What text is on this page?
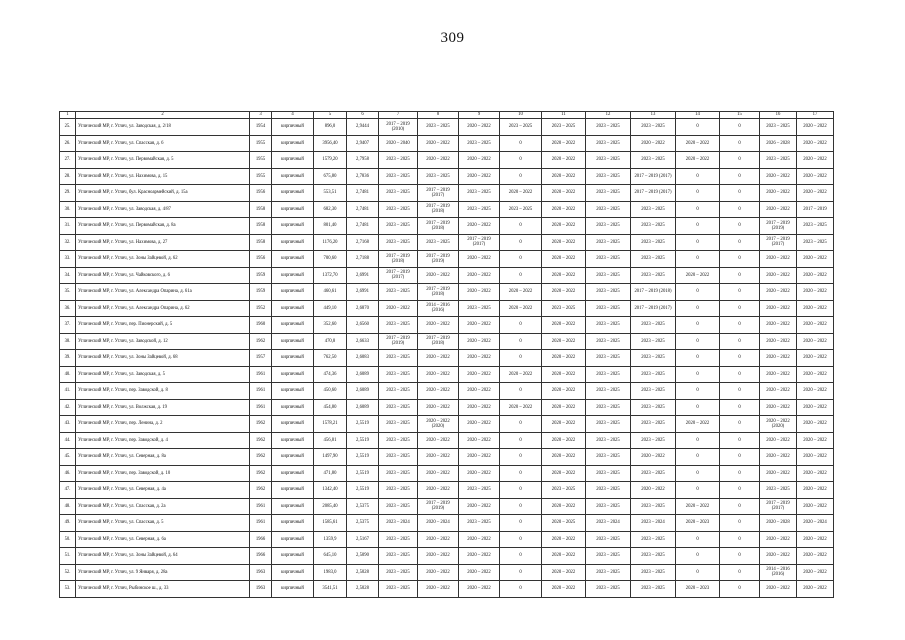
309
1	2	3	4	5	6	7	8	9	10	11	12	13	14	15	16	17
25.	Углический МР, г. Углич, ул. Заводская, д. 2/18	1954	кирпичный	896,0	2,9444	2017 – 2019 (2010)	2023 – 2025	2020 – 2022	2023 – 2025	2023 – 2025	2023 – 2025	2023 – 2025	0	0	2023 – 2025	2020 – 2022
26.	Углический МР, г. Углич, ул. Спасская, д. 6	1955	кирпичный	3956,40	2,9407	2020 – 2040	2020 – 2022	2023 – 2025	0	2020 – 2022	2023 – 2025	2020 – 2022	2020 – 2022	0	2026 – 2028	2020 – 2022
27.	Углический МР, г. Углич, ул. Первомайская, д. 5	1955	кирпичный	1579,20	2,7958	2023 – 2025	2020 – 2022	2020 – 2022	0	2020 – 2022	2023 – 2025	2023 – 2025	2020 – 2022	0	2023 – 2025	2020 – 2022
28.	Углический МР, г. Углич, ул. Нахимова, д. 15	1955	кирпичный	675,80	2,7836	2023 – 2025	2023 – 2025	2020 – 2022	0	2020 – 2022	2023 – 2025	2017 – 2019 (2017)	0	0	2020 – 2022	2020 – 2022
29.	Углический МР, г. Углич, бул. Красноармейский, д. 15а	1956	кирпичный	553,51	2,7481	2023 – 2025	2017 – 2019 (2017)	2023 – 2025	2020 – 2022	2020 – 2022	2023 – 2025	2017 – 2019 (2017)	0	0	2020 – 2022	2020 – 2022
30.	Углический МР, г. Углич, ул. Заводская, д. 4/87	1958	кирпичный	682,30	2,7481	2023 – 2025	2017 – 2019 (2018)	2023 – 2025	2023 – 2025	2020 – 2022	2023 – 2025	2023 – 2025	0	0	2020 – 2022	2017 – 2019
31.	Углический МР, г. Углич, ул. Первомайская, д. 8а	1958	кирпичный	801,40	2,7481	2023 – 2025	2017 – 2019 (2018)	2020 – 2022	0	2020 – 2022	2023 – 2025	2023 – 2025	0	0	2017 – 2019 (2019)	2023 – 2025
32.	Углический МР, г. Углич, ул. Нахимова, д. 27	1958	кирпичный	1176,20	2,7168	2023 – 2025	2023 – 2025	2017 – 2019 (2017)	0	2020 – 2022	2023 – 2025	2023 – 2025	0	0	2017 – 2019 (2017)	2023 – 2025
33.	Углический МР, г. Углич, ул. Зоны Зайцевой, д. 62	1956	кирпичный	700,60	2,7188	2017 – 2019 (2018)	2017 – 2019 (2019)	2020 – 2022	0	2020 – 2022	2023 – 2025	2023 – 2025	0	0	2020 – 2022	2020 – 2022
34.	Углический МР, г. Углич, ул. Чайковского, д. 6	1959	кирпичный	1372,70	2,6991	2017 – 2019 (2017)	2020 – 2022	2020 – 2022	0	2020 – 2022	2023 – 2025	2023 – 2025	2020 – 2022	0	2020 – 2022	2020 – 2022
35.	Углический МР, г. Углич, ул. Александра Опарина, д. 61а	1959	кирпичный	460,61	2,6991	2023 – 2025	2017 – 2019 (2018)	2020 – 2022	2020 – 2022	2020 – 2022	2023 – 2025	2017 – 2019 (2018)	0	0	2020 – 2022	2020 – 2022
36.	Углический МР, г. Углич, ул. Александра Опарина, д. 62	1952	кирпичный	449,10	2,6870	2020 – 2022	2014 – 2016 (2016)	2023 – 2025	2020 – 2022	2023 – 2025	2023 – 2025	2017 – 2019 (2017)	0	0	2020 – 2022	2020 – 2022
37.	Углический МР, г. Углич, пер. Пионерский, д. 5	1960	кирпичный	352,60	2,6560	2023 – 2025	2020 – 2022	2020 – 2022	0	2020 – 2022	2023 – 2025	2023 – 2025	0	0	2020 – 2022	2020 – 2022
38.	Углический МР, г. Углич, ул. Заводской, д. 12	1962	кирпичный	470,8	2,6633	2017 – 2019 (2019)	2017 – 2019 (2018)	2020 – 2022	0	2020 – 2022	2023 – 2025	2023 – 2025	0	0	2020 – 2022	2020 – 2022
39.	Углический МР, г. Углич, ул. Зоны Зайцевой, д. 68	1957	кирпичный	762,50	2,6083	2023 – 2025	2020 – 2022	2020 – 2022	0	2020 – 2022	2023 – 2025	2023 – 2025	0	0	2020 – 2022	2020 – 2022
40.	Углический МР, г. Углич, ул. Заводская, д. 5	1961	кирпичный	474,36	2,6089	2023 – 2025	2020 – 2022	2020 – 2022	2020 – 2022	2020 – 2022	2023 – 2025	2023 – 2025	0	0	2020 – 2022	2020 – 2022
41.	Углический МР, г. Углич, пер. Заводской, д. 8	1961	кирпичный	450,60	2,6089	2023 – 2025	2020 – 2022	2020 – 2022	0	2020 – 2022	2023 – 2025	2023 – 2025	0	0	2020 – 2022	2020 – 2022
42.	Углический МР, г. Углич, ул. Волжская, д. 19	1961	кирпичный	454,80	2,6089	2023 – 2025	2020 – 2022	2020 – 2022	2020 – 2022	2020 – 2022	2023 – 2025	2023 – 2025	0	0	2020 – 2022	2020 – 2022
43.	Углический МР, г. Углич, пер. Ленина, д. 2	1962	кирпичный	1578,21	2,5519	2023 – 2025	2020 – 2022 (2020)	2020 – 2022	0	2020 – 2022	2023 – 2025	2023 – 2025	2020 – 2022	0	2020 – 2022 (2020)	2020 – 2022
44.	Углический МР, г. Углич, пер. Заводской, д. 4	1962	кирпичный	456,81	2,5519	2023 – 2025	2020 – 2022	2020 – 2022	0	2020 – 2022	2023 – 2025	2023 – 2025	0	0	2020 – 2022	2020 – 2022
45.	Углический МР, г. Углич, ул. Северная, д. 8а	1962	кирпичный	1497,90	2,5519	2023 – 2025	2020 – 2022	2020 – 2022	0	2020 – 2022	2023 – 2025	2020 – 2022	0	0	2020 – 2022	2020 – 2022
46.	Углический МР, г. Углич, пер. Заводской, д. 10	1962	кирпичный	471,80	2,5519	2023 – 2025	2020 – 2022	2020 – 2022	0	2020 – 2022	2023 – 2025	2023 – 2025	0	0	2020 – 2022	2020 – 2022
47.	Углический МР, г. Углич, ул. Северная, д. 4а	1962	кирпичный	1342,40	2,5519	2023 – 2025	2020 – 2022	2023 – 2025	0	2023 – 2025	2023 – 2025	2020 – 2022	0	0	2023 – 2025	2020 – 2022
48.	Углический МР, г. Углич, ул. Спасская, д. 2а	1961	кирпичный	2085,40	2,5375	2023 – 2025	2017 – 2019 (2019)	2020 – 2022	0	2020 – 2022	2023 – 2025	2023 – 2025	2020 – 2022	0	2017 – 2019 (2017)	2020 – 2022
49.	Углический МР, г. Углич, ул. Спасская, д. 5	1961	кирпичный	1585,61	2,5375	2023 – 2024	2020 – 2024	2023 – 2025	0	2020 – 2025	2023 – 2024	2023 – 2024	2020 – 2023	0	2020 – 2028	2020 – 2024
50.	Углический МР, г. Углич, ул. Северная, д. 6а	1966	кирпичный	1359,9	2,5167	2023 – 2025	2020 – 2022	2020 – 2022	0	2020 – 2022	2023 – 2025	2023 – 2025	0	0	2020 – 2022	2020 – 2022
51.	Углический МР, г. Углич, ул. Зоны Зайцевой, д. 64	1966	кирпичный	645,10	2,5090	2023 – 2025	2020 – 2022	2020 – 2022	0	2020 – 2022	2023 – 2025	2023 – 2025	0	0	2020 – 2022	2020 – 2022
52.	Углический МР, г. Углич, ул. 9 Января, д. 28а	1963	кирпичный	1983,0	2,5028	2023 – 2025	2020 – 2022	2020 – 2022	0	2020 – 2022	2023 – 2025	2023 – 2025	0	0	2014 – 2016 (2016)	2020 – 2022
53.	Углический МР, г. Углич, Рыбинское ш., д. 33	1963	кирпичный	3541,51	2,5028	2023 – 2025	2020 – 2022	2020 – 2022	0	2020 – 2022	2023 – 2025	2023 – 2025	2020 – 2023	0	2020 – 2022	2020 – 2022
